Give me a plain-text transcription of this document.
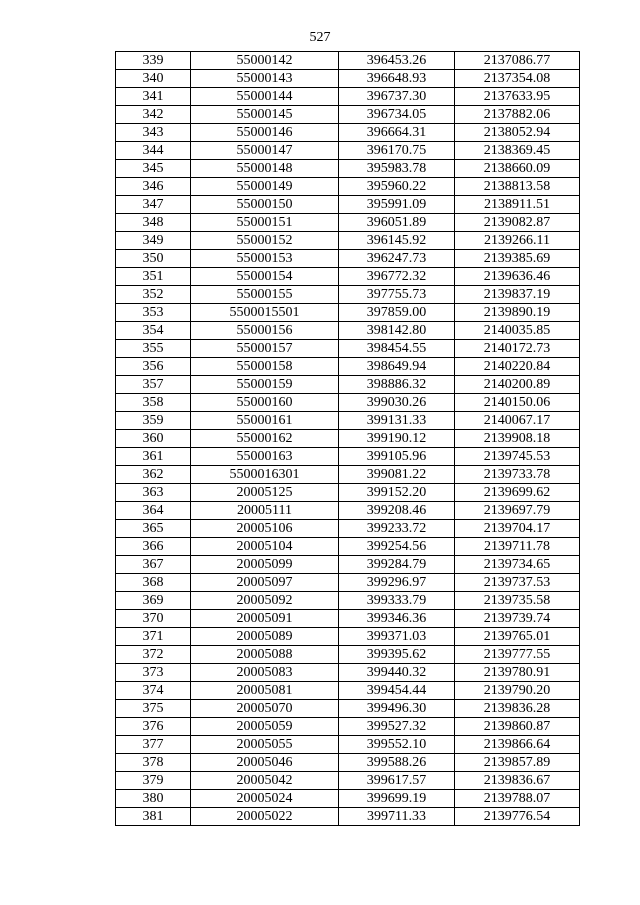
527
339	55000142	396453.26	2137086.77
340	55000143	396648.93	2137354.08
341	55000144	396737.30	2137633.95
342	55000145	396734.05	2137882.06
343	55000146	396664.31	2138052.94
344	55000147	396170.75	2138369.45
345	55000148	395983.78	2138660.09
346	55000149	395960.22	2138813.58
347	55000150	395991.09	2138911.51
348	55000151	396051.89	2139082.87
349	55000152	396145.92	2139266.11
350	55000153	396247.73	2139385.69
351	55000154	396772.32	2139636.46
352	55000155	397755.73	2139837.19
353	5500015501	397859.00	2139890.19
354	55000156	398142.80	2140035.85
355	55000157	398454.55	2140172.73
356	55000158	398649.94	2140220.84
357	55000159	398886.32	2140200.89
358	55000160	399030.26	2140150.06
359	55000161	399131.33	2140067.17
360	55000162	399190.12	2139908.18
361	55000163	399105.96	2139745.53
362	5500016301	399081.22	2139733.78
363	20005125	399152.20	2139699.62
364	20005111	399208.46	2139697.79
365	20005106	399233.72	2139704.17
366	20005104	399254.56	2139711.78
367	20005099	399284.79	2139734.65
368	20005097	399296.97	2139737.53
369	20005092	399333.79	2139735.58
370	20005091	399346.36	2139739.74
371	20005089	399371.03	2139765.01
372	20005088	399395.62	2139777.55
373	20005083	399440.32	2139780.91
374	20005081	399454.44	2139790.20
375	20005070	399496.30	2139836.28
376	20005059	399527.32	2139860.87
377	20005055	399552.10	2139866.64
378	20005046	399588.26	2139857.89
379	20005042	399617.57	2139836.67
380	20005024	399699.19	2139788.07
381	20005022	399711.33	2139776.54
